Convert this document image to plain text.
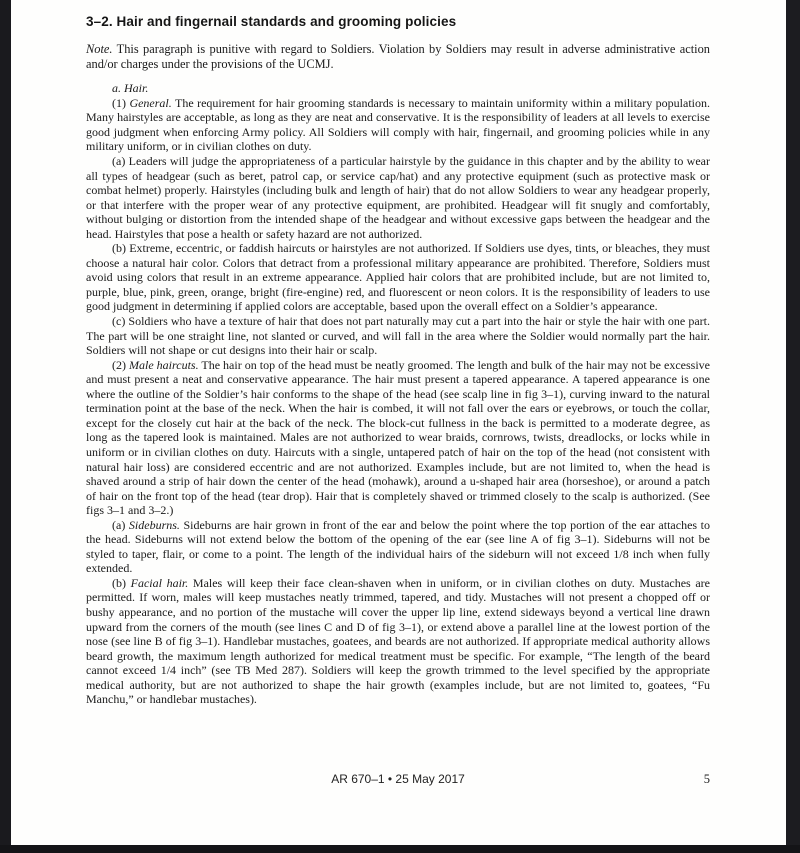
3–2. Hair and fingernail standards and grooming policies

Note. This paragraph is punitive with regard to Soldiers. Violation by Soldiers may result in adverse administrative action and/or charges under the provisions of the UCMJ.

a. Hair.

(1) General. The requirement for hair grooming standards is necessary to maintain uniformity within a military population. Many hairstyles are acceptable, as long as they are neat and conservative. It is the responsibility of leaders at all levels to exercise good judgment when enforcing Army policy. All Soldiers will comply with hair, fingernail, and grooming policies while in any military uniform, or in civilian clothes on duty.

(a) Leaders will judge the appropriateness of a particular hairstyle by the guidance in this chapter and by the ability to wear all types of headgear (such as beret, patrol cap, or service cap/hat) and any protective equipment (such as protective mask or combat helmet) properly. Hairstyles (including bulk and length of hair) that do not allow Soldiers to wear any headgear properly, or that interfere with the proper wear of any protective equipment, are prohibited. Headgear will fit snugly and comfortably, without bulging or distortion from the intended shape of the headgear and without excessive gaps between the headgear and the head. Hairstyles that pose a health or safety hazard are not authorized.

(b) Extreme, eccentric, or faddish haircuts or hairstyles are not authorized. If Soldiers use dyes, tints, or bleaches, they must choose a natural hair color. Colors that detract from a professional military appearance are prohibited. Therefore, Soldiers must avoid using colors that result in an extreme appearance. Applied hair colors that are prohibited include, but are not limited to, purple, blue, pink, green, orange, bright (fire-engine) red, and fluorescent or neon colors. It is the responsibility of leaders to use good judgment in determining if applied colors are acceptable, based upon the overall effect on a Soldier’s appearance.

(c) Soldiers who have a texture of hair that does not part naturally may cut a part into the hair or style the hair with one part. The part will be one straight line, not slanted or curved, and will fall in the area where the Soldier would normally part the hair. Soldiers will not shape or cut designs into their hair or scalp.

(2) Male haircuts. The hair on top of the head must be neatly groomed. The length and bulk of the hair may not be excessive and must present a neat and conservative appearance. The hair must present a tapered appearance. A tapered appearance is one where the outline of the Soldier’s hair conforms to the shape of the head (see scalp line in fig 3–1), curving inward to the natural termination point at the base of the neck. When the hair is combed, it will not fall over the ears or eyebrows, or touch the collar, except for the closely cut hair at the back of the neck. The block-cut fullness in the back is permitted to a moderate degree, as long as the tapered look is maintained. Males are not authorized to wear braids, cornrows, twists, dreadlocks, or locks while in uniform or in civilian clothes on duty. Haircuts with a single, untapered patch of hair on the top of the head (not consistent with natural hair loss) are considered eccentric and are not authorized. Examples include, but are not limited to, when the head is shaved around a strip of hair down the center of the head (mohawk), around a u-shaped hair area (horseshoe), or around a patch of hair on the front top of the head (tear drop). Hair that is completely shaved or trimmed closely to the scalp is authorized. (See figs 3–1 and 3–2.)

(a) Sideburns. Sideburns are hair grown in front of the ear and below the point where the top portion of the ear attaches to the head. Sideburns will not extend below the bottom of the opening of the ear (see line A of fig 3–1). Sideburns will not be styled to taper, flair, or come to a point. The length of the individual hairs of the sideburn will not exceed 1/8 inch when fully extended.

(b) Facial hair. Males will keep their face clean-shaven when in uniform, or in civilian clothes on duty. Mustaches are permitted. If worn, males will keep mustaches neatly trimmed, tapered, and tidy. Mustaches will not present a chopped off or bushy appearance, and no portion of the mustache will cover the upper lip line, extend sideways beyond a vertical line drawn upward from the corners of the mouth (see lines C and D of fig 3–1), or extend above a parallel line at the lowest portion of the nose (see line B of fig 3–1). Handlebar mustaches, goatees, and beards are not authorized. If appropriate medical authority allows beard growth, the maximum length authorized for medical treatment must be specific. For example, “The length of the beard cannot exceed 1/4 inch” (see TB Med 287). Soldiers will keep the growth trimmed to the level specified by the appropriate medical authority, but are not authorized to shape the hair growth (examples include, but are not limited to, goatees, “Fu Manchu,” or handlebar mustaches).

AR 670–1 • 25 May 2017	5
